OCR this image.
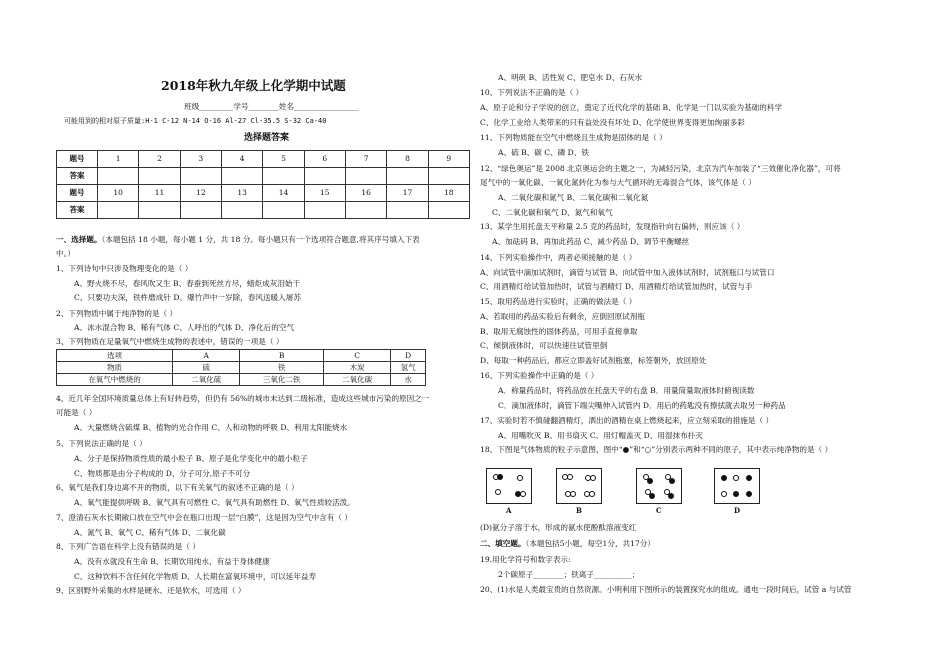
2018年秋九年级上化学期中试题
班级_________学号________姓名_________________
可能用到的相对原子质量:H-1 C-12 N-14 O-16 Al-27 Cl-35.5 S-32 Ca-40
选择题答案
题号	1	2	3	4	5	6	7	8	9
答案									
题号	10	11	12	13	14	15	16	17	18
答案									
一、选择题。（本题包括 18 小题，每小题 1 分，共 18 分。每小题只有一个选项符合题意,将其序号填入下表
中。）
1、下列诗句中只涉及物理变化的是（ ）
A、野火烧不尽，春风吹又生 B、春蚕到死丝方尽，蜡炬成灰泪始干
C、只要功夫深，铁杵磨成针 D、爆竹声中一岁除，春风送暖入屠苏
2、下列物质中属于纯净物的是（ ）
A、冰水混合物 B、稀有气体 C、人呼出的气体 D、净化后的空气
3、下列物质在足量氧气中燃烧生成物的表述中，错误的一项是（ ）
选项	A	B	C	D
物质	硫	铁	木炭	氢气
在氧气中燃烧的	二氧化硫	三氧化二铁	二氧化碳	水
4、近几年全国环境质量总体上有好转趋势，但仍有 56%的城市未达到二级标准，造成这些城市污染的原因之一
可能是（ ）
A、大量燃烧含硫煤 B、植物的光合作用 C、人和动物的呼吸 D、利用太阳能烧水
5、下列说法正确的是（ ）
A、分子是保持物质性质的最小粒子 B、原子是化学变化中的最小粒子
C、物质都是由分子构成的 D、分子可分,原子不可分
6、氧气是我们身边离不开的物质，以下有关氧气的叙述不正确的是（ ）
A、氧气能提供呼吸 B、氧气具有可燃性 C、氧气具有助燃性 D、氧气性质较活泼。
7、澄清石灰水长期敞口放在空气中会在瓶口出现一层“白膜”，这是因为空气中含有（ ）
A、氮气 B、氧气 C、稀有气体 D、二氧化碳
8、下列广告语在科学上没有错误的是（ ）
A、没有水就没有生命 B、长期饮用纯水，有益于身体健康
C、这种饮料不含任何化学物质 D、人长期在富氧环境中，可以延年益寿
9、区别野外采集的水样是硬水、还是软水，可选用（ ）
A、明矾 B、活性炭 C、肥皂水 D、石灰水
10、下列说法不正确的是（ ）
A、原子论和分子学说的创立，奠定了近代化学的基础 B、化学是一门以实验为基础的科学
C、化学工业给人类带来的只有益处没有坏处 D、化学使世界变得更加绚丽多彩
11、下列物质能在空气中燃烧且生成物是固体的是（ ）
A、硫 B、碳 C、磷 D、铁
12、“绿色奥运”是 2008 北京奥运会的主题之一，为减轻污染，北京为汽车加装了“三效催化净化器”，可将
尾气中的一氧化碳、一氧化氮转化为参与大气循环的无毒混合气体，该气体是（ ）
A、二氧化碳和氮气 B、二氧化碳和二氧化氮
C、二氧化碳和氧气 D、氮气和氧气
13、某学生用托盘天平称量 2.5 克的药品时，发现指针向右偏转，则应该（ ）
A、加砝码 B、再加此药品 C、减少药品 D、调节平衡螺丝
14、下列实验操作中，两者必须接触的是（ ）
A、向试管中滴加试剂时，滴管与试管 B、向试管中加入液体试剂时，试剂瓶口与试管口
C、用酒精灯给试管加热时，试管与酒精灯 D、用酒精灯给试管加热时，试管与手
15、取用药品进行实验时，正确的做法是（ ）
A、若取用的药品实验后有剩余，应倒回原试剂瓶
B、取用无腐蚀性的固体药品，可用手直接拿取
C、倾倒液体时，可以快速往试管里倒
D、每取一种药品后，都应立即盖好试剂瓶塞，标签朝外，放回原处
16、下列实验操作中正确的是（ ）
A．称量药品时，将药品放在托盘天平的右盘 B．用量筒量取液体时俯视读数
C．滴加液体时，滴管下端尖嘴伸入试管内 D．用后的药匙没有擦拭就去取另一种药品
17、实验时若不慎碰翻酒精灯，洒出的酒精在桌上燃烧起来，应立刻采取的措施是（ ）
A、用嘴吹灭 B、用书扇灭 C、用灯帽盖灭 D、用湿抹布扑灭
18、下图是气体物质的粒子示意图，图中“●”和“○”分别表示两种不同的原子，其中表示纯净物的是（ ）
A	B	C	D
(D)氨分子溶于水，形成的氨水使酚酞溶液变红
二、填空题。（本题包括5小题，每空1分，共17分）
19.用化学符号和数字表示:
2个碳原子________；铁离子__________；
20、(1)水是人类最宝贵的自然资源。小明利用下图所示的装置探究水的组成。通电一段时间后，试管 a 与试管
